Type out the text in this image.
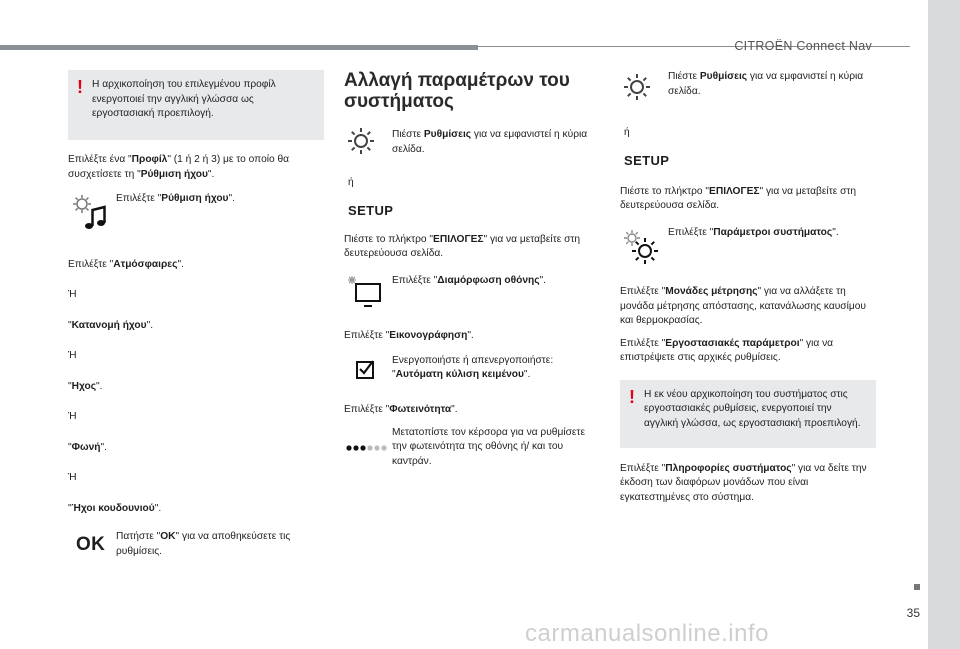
CITROËN Connect Nav
35
carmanualsonline.info
! Η αρχικοποίηση του επιλεγμένου προφίλ ενεργοποιεί την αγγλική γλώσσα ως εργοστασιακή προεπιλογή.

Επιλέξτε ένα "Προφίλ" (1 ή 2 ή 3) με το οποίο θα συσχετίσετε τη "Ρύθμιση ήχου".

Επιλέξτε "Ρύθμιση ήχου".

Επιλέξτε "Ατμόσφαιρες".

Ή

"Κατανομή ήχου".

Ή

"Ηχος".

Ή

"Φωνή".

Ή

"Ήχοι κουδουνιού".

OK	Πατήστε "OK" για να αποθηκεύσετε τις ρυθμίσεις.

Αλλαγή παραμέτρων του συστήματος

Πιέστε Ρυθμίσεις για να εμφανιστεί η κύρια σελίδα.

ή

SETUP

Πιέστε το πλήκτρο "ΕΠΙΛΟΓΕΣ" για να μεταβείτε στη δευτερεύουσα σελίδα.

Επιλέξτε "Διαμόρφωση οθόνης".

Επιλέξτε "Εικονογράφηση".

Ενεργοποιήστε ή απενεργοποιήστε: "Αυτόματη κύλιση κειμένου".

Επιλέξτε "Φωτεινότητα".

Μετατοπίστε τον κέρσορα για να ρυθμίσετε την φωτεινότητα της οθόνης ή/ και του καντράν.

Πιέστε Ρυθμίσεις για να εμφανιστεί η κύρια σελίδα.

ή

SETUP

Πιέστε το πλήκτρο "ΕΠΙΛΟΓΕΣ" για να μεταβείτε στη δευτερεύουσα σελίδα.

Επιλέξτε "Παράμετροι συστήματος".

Επιλέξτε "Μονάδες μέτρησης" για να αλλάξετε τη μονάδα μέτρησης απόστασης, κατανάλωσης καυσίμου και θερμοκρασίας.

Επιλέξτε "Εργοστασιακές παράμετροι" για να επιστρέψετε στις αρχικές ρυθμίσεις.

! Η εκ νέου αρχικοποίηση του συστήματος στις εργοστασιακές ρυθμίσεις, ενεργοποιεί την αγγλική γλώσσα, ως εργοστασιακή προεπιλογή.

Επιλέξτε "Πληροφορίες συστήματος" για να δείτε την έκδοση των διαφόρων μονάδων που είναι εγκατεστημένες στο σύστημα.
